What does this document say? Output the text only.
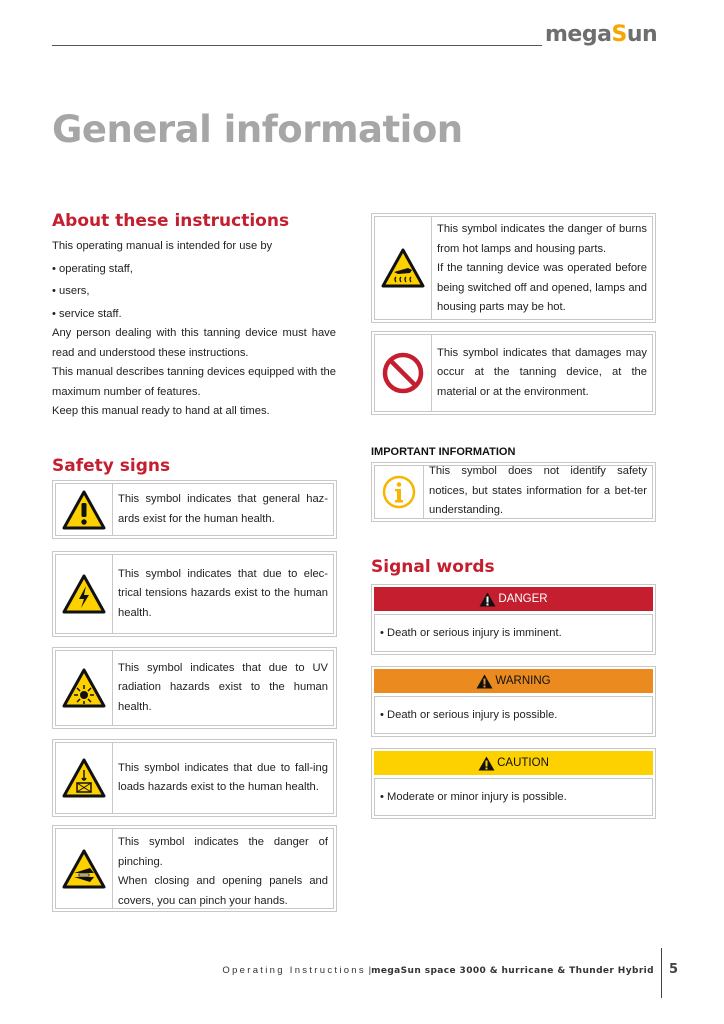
megaSun
General information
About these instructions

This operating manual is intended for use by

• operating staff,

• users,

• service staff.

Any person dealing with this tanning device must have read and understood these instructions.

This manual describes tanning devices equipped with the maximum number of features.

Keep this manual ready to hand at all times.

Safety signs
This symbol indicates that general haz-ards exist for the human health.
This symbol indicates that due to elec-trical tensions hazards exist to the human health.
This symbol indicates that due to UV radiation hazards exist to the human health.
This symbol indicates that due to fall-ing loads hazards exist to the human health.
This symbol indicates the danger of pinching.
When closing and opening panels and covers, you can pinch your hands.
This symbol indicates the danger of burns from hot lamps and housing parts.
If the tanning device was operated before being switched off and opened, lamps and housing parts may be hot.
This symbol indicates that damages may occur at the tanning device, at the material or at the environment.
IMPORTANT INFORMATION
This symbol does not identify safety notices, but states information for a bet-ter understanding.
Signal words
DANGER
• Death or serious injury is imminent.
WARNING
• Death or serious injury is possible.
CAUTION
• Moderate or minor injury is possible.
Operating Instructions |megaSun space 3000 & hurricane & Thunder Hybrid 5
